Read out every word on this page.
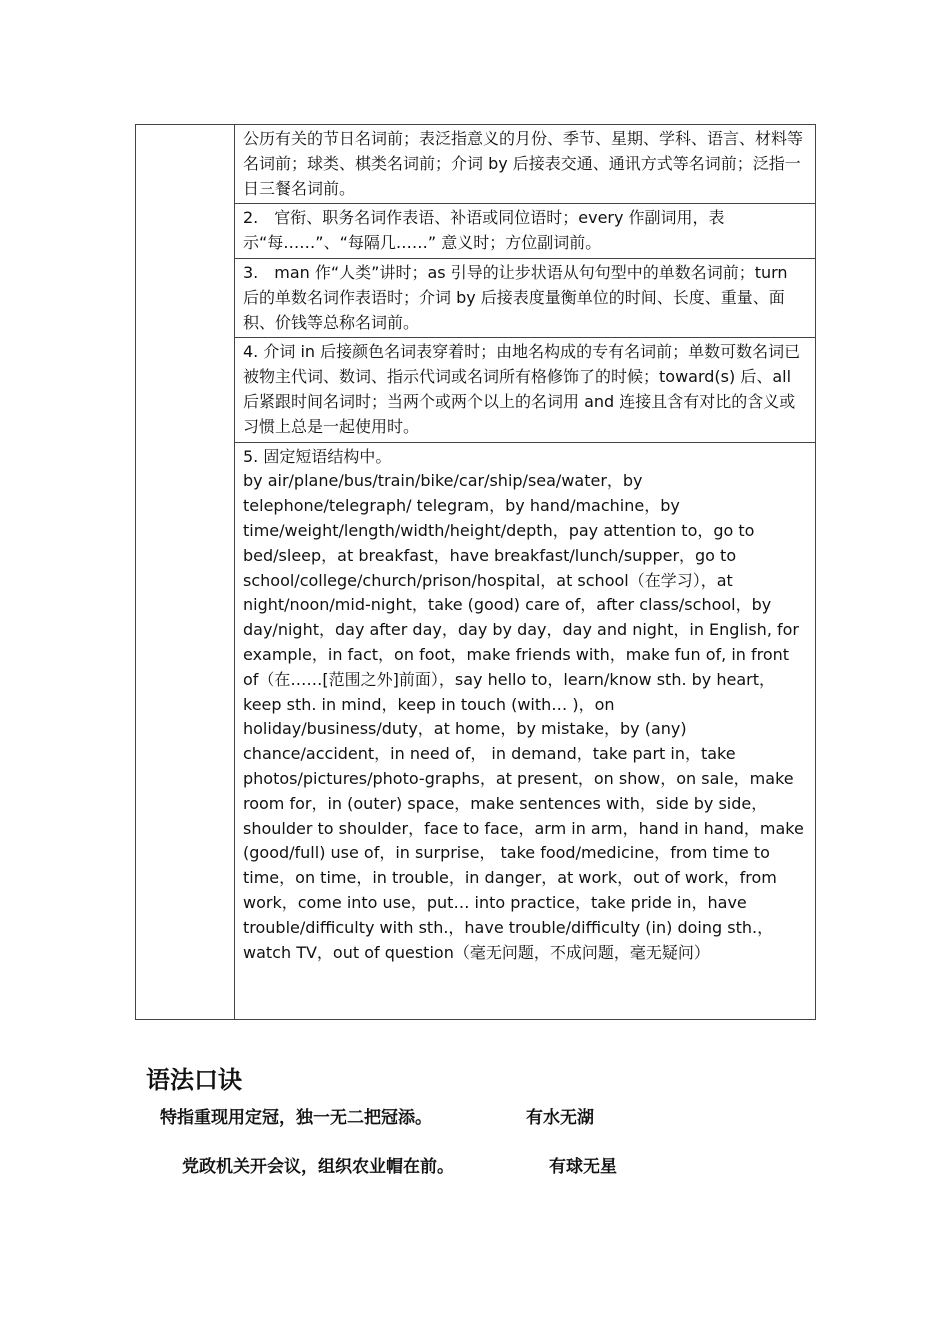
	公历有关的节日名词前；表泛指意义的月份、季节、星期、学科、语言、材料等名词前；球类、棋类名词前；介词 by 后接表交通、通讯方式等名词前；泛指一日三餐名词前。
2.　官衔、职务名词作表语、补语或同位语时；every 作副词用，表示“每……”、“每隔几……” 意义时；方位副词前。
3.　man 作“人类”讲时；as 引导的让步状语从句句型中的单数名词前；turn 后的单数名词作表语时；介词 by 后接表度量衡单位的时间、长度、重量、面积、价钱等总称名词前。
4. 介词 in 后接颜色名词表穿着时；由地名构成的专有名词前；单数可数名词已被物主代词、数词、指示代词或名词所有格修饰了的时候；toward(s) 后、all 后紧跟时间名词时；当两个或两个以上的名词用 and 连接且含有对比的含义或习惯上总是一起使用时。

5. 固定短语结构中。
by air/plane/bus/train/bike/car/ship/sea/water，by telephone/telegraph/ telegram，by hand/machine，by time/weight/length/width/height/depth，pay attention to，go to bed/sleep，at breakfast，have breakfast/lunch/supper，go to school/college/church/prison/hospital，at school（在学习），at night/noon/mid-night，take (good) care of，after class/school，by day/night，day after day，day by day，day and night，in English, for example，in fact，on foot，make friends with，make fun of, in front of（在……[范围之外]前面），say hello to，learn/know sth. by heart，keep sth. in mind，keep in touch (with… )，on holiday/business/duty，at home，by mistake，by (any) chance/accident，in need of， in demand，take part in，take photos/pictures/photo-graphs，at present，on show，on sale，make room for，in (outer) space，make sentences with，side by side，shoulder to shoulder，face to face，arm in arm，hand in hand，make (good/full) use of，in surprise， take food/medicine，from time to time，on time，in trouble，in danger，at work，out of work，from work，come into use，put… into practice，take pride in，have trouble/difficulty with sth.，have trouble/difficulty (in) doing sth.，watch TV，out of question（毫无问题，不成问题，毫无疑问）
语法口诀
特指重现用定冠，独一无二把冠添。	有水无湖
党政机关开会议，组织农业帽在前。	有球无星
